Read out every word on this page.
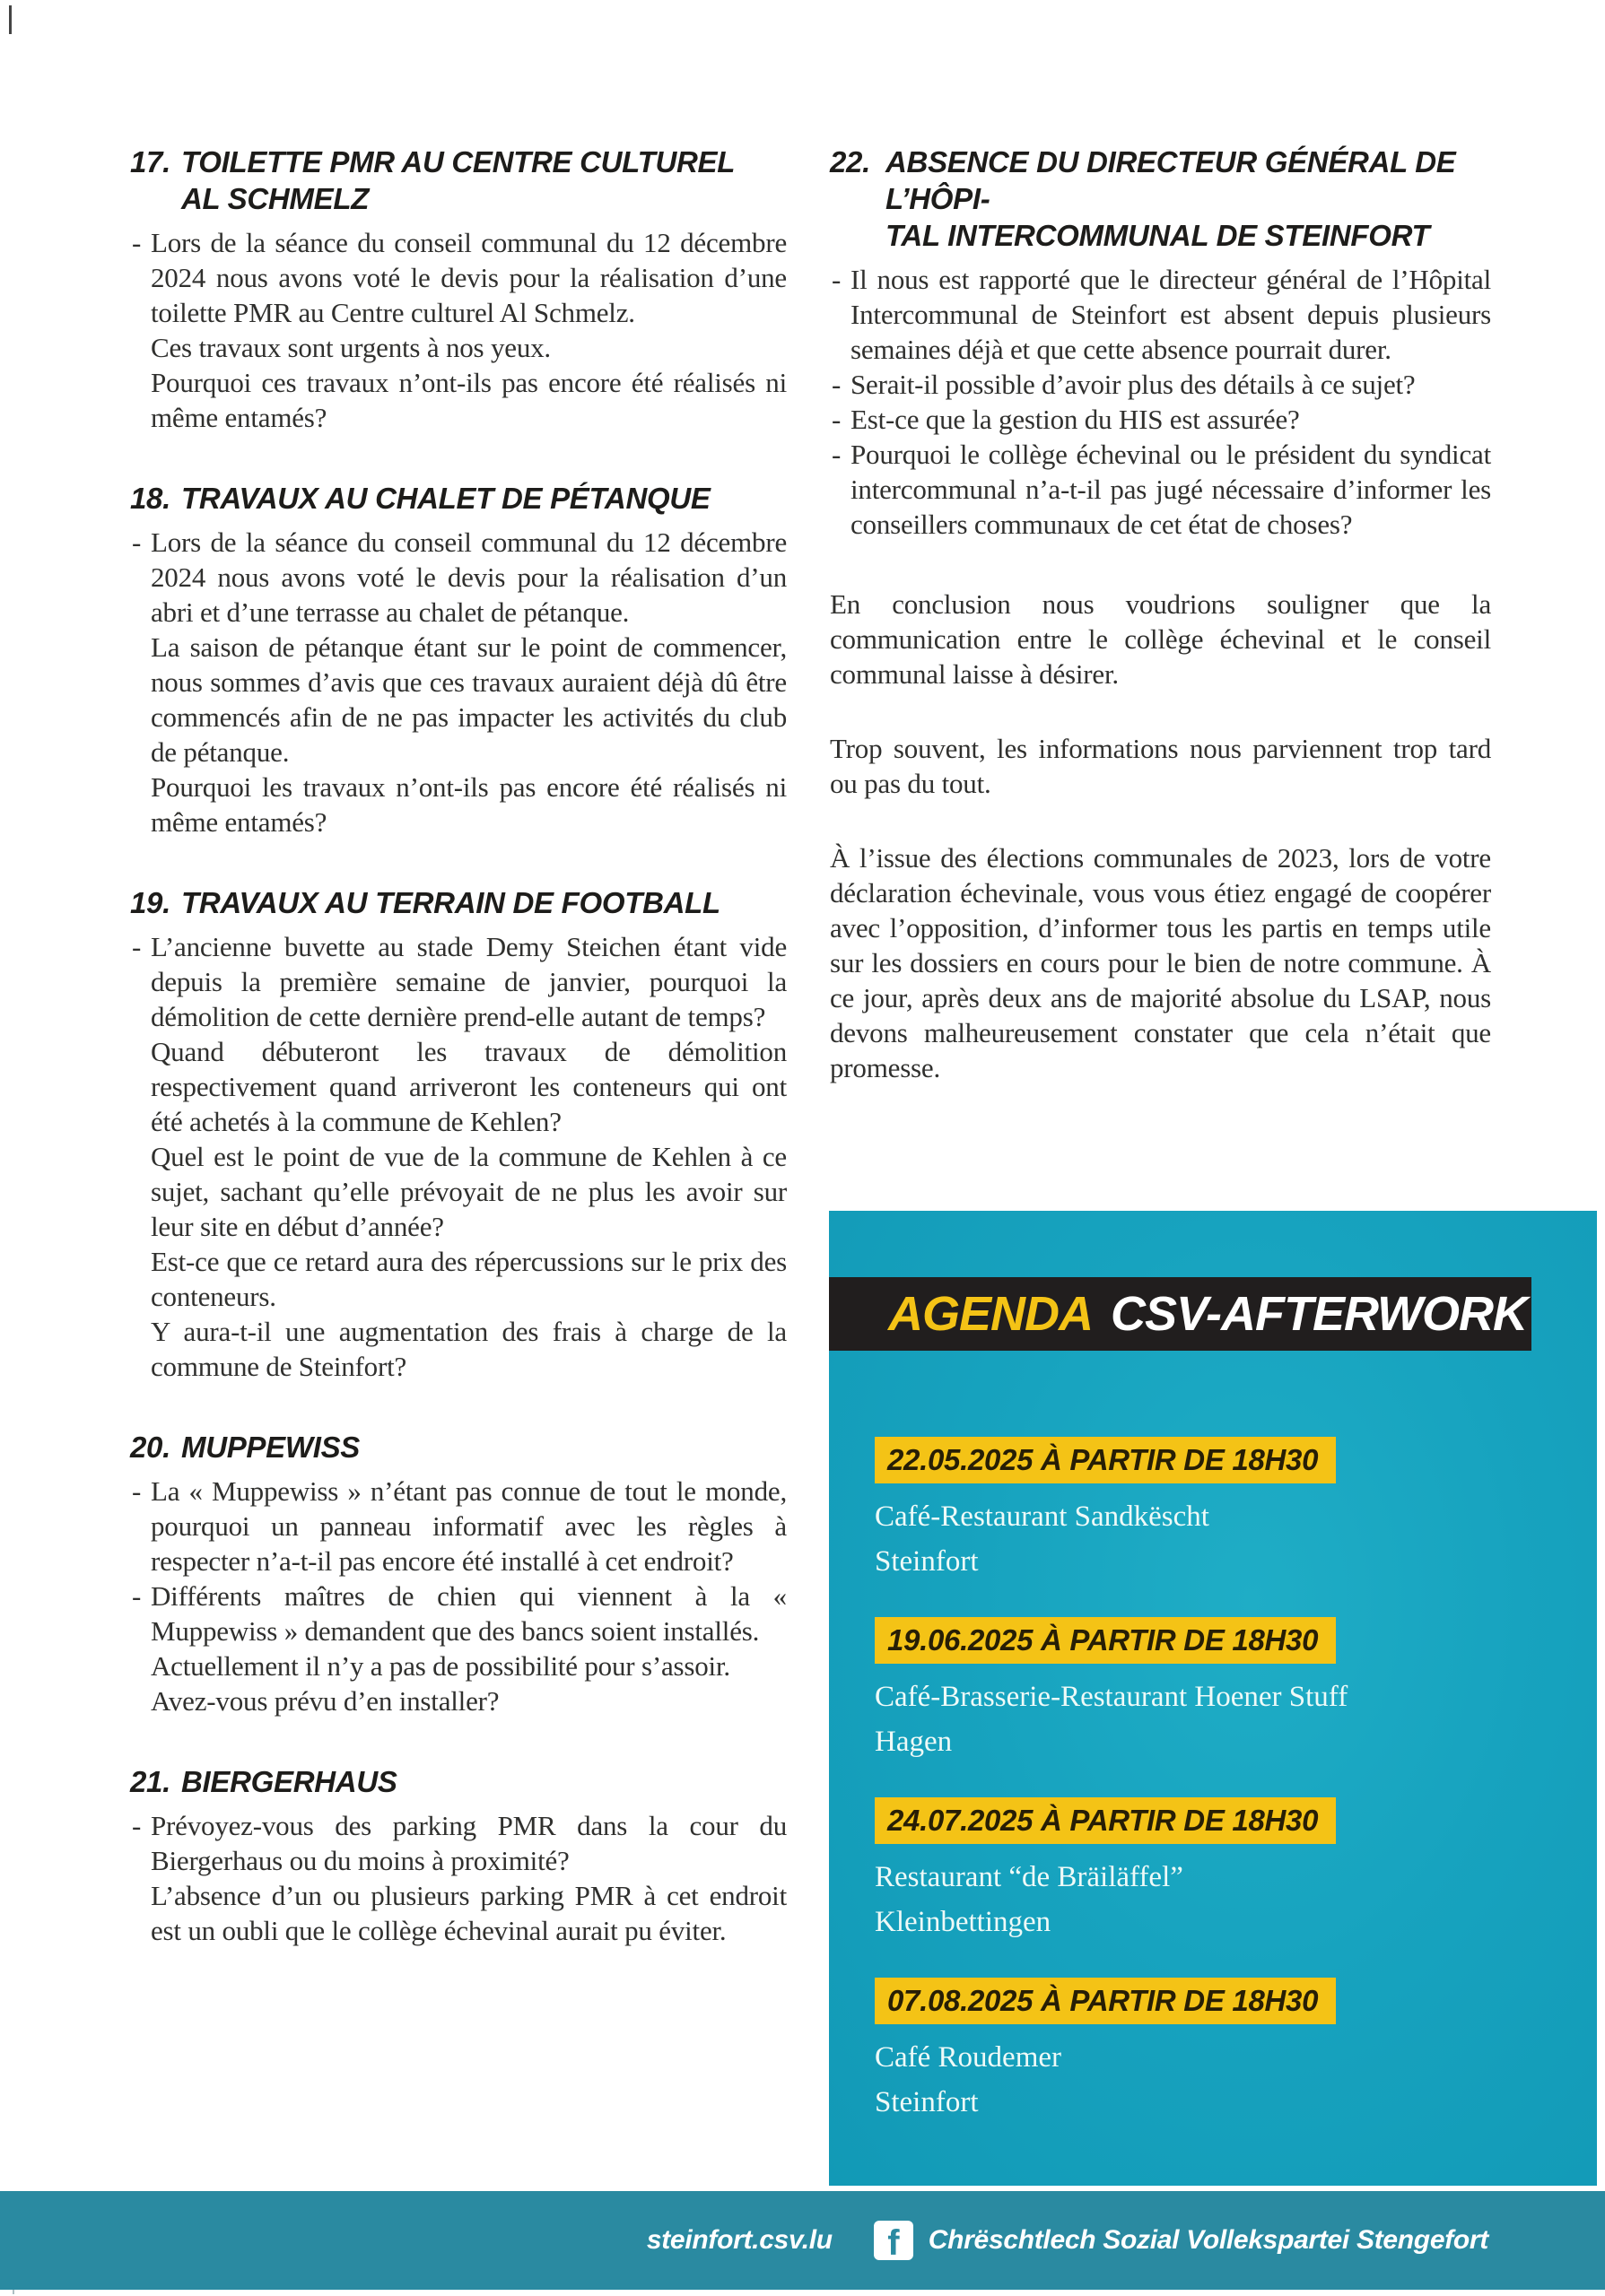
17. TOILETTE PMR AU CENTRE CULTUREL
AL SCHMELZ

- Lors de la séance du conseil communal du 12 décembre 2024 nous avons voté le devis pour la réalisation d’une toilette PMR au Centre culturel Al Schmelz.

Ces travaux sont urgents à nos yeux.

Pourquoi ces travaux n’ont-ils pas encore été réalisés ni même entamés?

18. TRAVAUX AU CHALET DE PÉTANQUE

- Lors de la séance du conseil communal du 12 décembre 2024 nous avons voté le devis pour la réalisation d’un abri et d’une terrasse au chalet de pétanque.

La saison de pétanque étant sur le point de commencer, nous sommes d’avis que ces travaux auraient déjà dû être commencés afin de ne pas impacter les activités du club de pétanque.

Pourquoi les travaux n’ont-ils pas encore été réalisés ni même entamés?

19. TRAVAUX AU TERRAIN DE FOOTBALL

- L’ancienne buvette au stade Demy Steichen étant vide depuis la première semaine de janvier, pourquoi la démolition de cette dernière prend-elle autant de temps?

Quand débuteront les travaux de démolition respectivement quand arriveront les conteneurs qui ont été achetés à la commune de Kehlen?

Quel est le point de vue de la commune de Kehlen à ce sujet, sachant qu’elle prévoyait de ne plus les avoir sur leur site en début d’année?

Est-ce que ce retard aura des répercussions sur le prix des conteneurs.

Y aura-t-il une augmentation des frais à charge de la commune de Steinfort?

20. MUPPEWISS

- La « Muppewiss » n’étant pas connue de tout le monde, pourquoi un panneau informatif avec les règles à respecter n’a-t-il pas encore été installé à cet endroit?

- Différents maîtres de chien qui viennent à la « Muppewiss » demandent que des bancs soient installés.

Actuellement il n’y a pas de possibilité pour s’assoir.

Avez-vous prévu d’en installer?

21. BIERGERHAUS

- Prévoyez-vous des parking PMR dans la cour du Biergerhaus ou du moins à proximité?

L’absence d’un ou plusieurs parking PMR à cet endroit est un oubli que le collège échevinal aurait pu éviter.

22. ABSENCE DU DIRECTEUR GÉNÉRAL DE L’HÔPI-
TAL INTERCOMMUNAL DE STEINFORT

- Il nous est rapporté que le directeur général de l’Hôpital Intercommunal de Steinfort est absent depuis plusieurs semaines déjà et que cette absence pourrait durer.

- Serait-il possible d’avoir plus des détails à ce sujet?

- Est-ce que la gestion du HIS est assurée?

- Pourquoi le collège échevinal ou le président du syndicat intercommunal n’a-t-il pas jugé nécessaire d’informer les conseillers communaux de cet état de choses?

En conclusion nous voudrions souligner que la communication entre le collège échevinal et le conseil communal laisse à désirer.

Trop souvent, les informations nous parviennent trop tard ou pas du tout.

À l’issue des élections communales de 2023, lors de votre déclaration échevinale, vous vous étiez engagé de coopérer avec l’opposition, d’informer tous les partis en temps utile sur les dossiers en cours pour le bien de notre commune. À ce jour, après deux ans de majorité absolue du LSAP, nous devons malheureusement constater que cela n’était que promesse.

AGENDA CSV-AFTERWORK
22.05.2025 À PARTIR DE 18H30
Café-Restaurant Sandkëscht
Steinfort
19.06.2025 À PARTIR DE 18H30
Café-Brasserie-Restaurant Hoener Stuff
Hagen
24.07.2025 À PARTIR DE 18H30
Restaurant “de Bräiläffel”
Kleinbettingen
07.08.2025 À PARTIR DE 18H30
Café Roudemer
Steinfort
steinfort.csv.lu	f	Chrëschtlech Sozial Vollekspartei Stengefort
